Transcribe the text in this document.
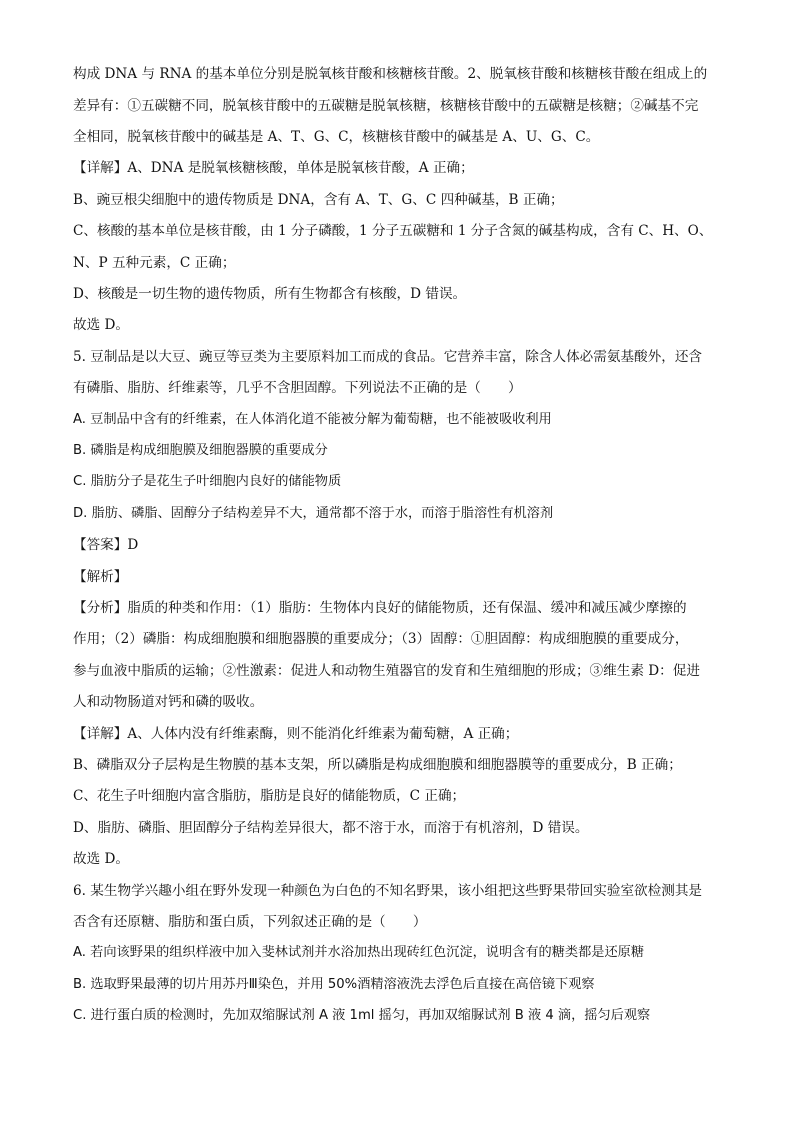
构成 DNA 与 RNA 的基本单位分别是脱氧核苷酸和核糖核苷酸。2、脱氧核苷酸和核糖核苷酸在组成上的
差异有：①五碳糖不同，脱氧核苷酸中的五碳糖是脱氧核糖，核糖核苷酸中的五碳糖是核糖；②碱基不完
全相同，脱氧核苷酸中的碱基是 A、T、G、C，核糖核苷酸中的碱基是 A、U、G、C。
【详解】A、DNA 是脱氧核糖核酸，单体是脱氧核苷酸，A 正确；
B、豌豆根尖细胞中的遗传物质是 DNA，含有 A、T、G、C 四种碱基，B 正确；
C、核酸的基本单位是核苷酸，由 1 分子磷酸，1 分子五碳糖和 1 分子含氮的碱基构成，含有 C、H、O、
N、P 五种元素，C 正确；
D、核酸是一切生物的遗传物质，所有生物都含有核酸，D 错误。
故选 D。
5. 豆制品是以大豆、豌豆等豆类为主要原料加工而成的食品。它营养丰富，除含人体必需氨基酸外，还含
有磷脂、脂肪、纤维素等，几乎不含胆固醇。下列说法不正确的是（　　）
A. 豆制品中含有的纤维素，在人体消化道不能被分解为葡萄糖，也不能被吸收利用
B. 磷脂是构成细胞膜及细胞器膜的重要成分
C. 脂肪分子是花生子叶细胞内良好的储能物质
D. 脂肪、磷脂、固醇分子结构差异不大，通常都不溶于水，而溶于脂溶性有机溶剂
【答案】D
【解析】
【分析】脂质的种类和作用：（1）脂肪：生物体内良好的储能物质，还有保温、缓冲和减压减少摩擦的
作用；（2）磷脂：构成细胞膜和细胞器膜的重要成分；（3）固醇：①胆固醇：构成细胞膜的重要成分，
参与血液中脂质的运输；②性激素：促进人和动物生殖器官的发育和生殖细胞的形成；③维生素 D：促进
人和动物肠道对钙和磷的吸收。
【详解】A、人体内没有纤维素酶，则不能消化纤维素为葡萄糖，A 正确；
B、磷脂双分子层构是生物膜的基本支架，所以磷脂是构成细胞膜和细胞器膜等的重要成分，B 正确；
C、花生子叶细胞内富含脂肪，脂肪是良好的储能物质，C 正确；
D、脂肪、磷脂、胆固醇分子结构差异很大，都不溶于水，而溶于有机溶剂，D 错误。
故选 D。
6. 某生物学兴趣小组在野外发现一种颜色为白色的不知名野果，该小组把这些野果带回实验室欲检测其是
否含有还原糖、脂肪和蛋白质，下列叙述正确的是（　　）
A. 若向该野果的组织样液中加入斐林试剂并水浴加热出现砖红色沉淀，说明含有的糖类都是还原糖
B. 选取野果最薄的切片用苏丹Ⅲ染色，并用 50%酒精溶液洗去浮色后直接在高倍镜下观察
C. 进行蛋白质的检测时，先加双缩脲试剂 A 液 1ml 摇匀，再加双缩脲试剂 B 液 4 滴，摇匀后观察
